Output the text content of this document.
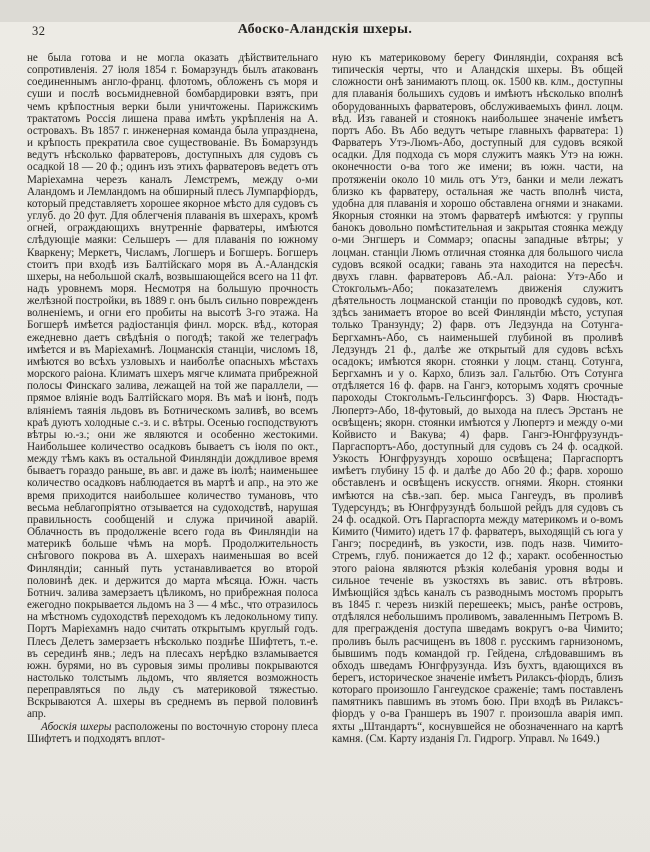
32	Абоско-Аландскія шхеры.

не была готова и не могла оказать дѣйствительнаго сопротивленія. 27 іюля 1854 г. Бомарзундъ былъ атакованъ соединеннымъ англо-франц. флотомъ, обложенъ съ моря и суши и послѣ восьмидневной бомбардировки взятъ, при чемъ крѣпостныя верки были уничтожены. Парижскимъ трактатомъ Россія лишена права имѣть укрѣпленія на А. островахъ. Въ 1857 г. инженерная команда была упразднена, и крѣпость прекратила свое существованіе. Въ Бомарзундъ ведутъ нѣсколько фарватеровъ, доступныхъ для судовъ съ осадкой 18 — 20 ф.; одинъ изъ этихъ фарватеровъ ведетъ отъ Маріехамна черезъ каналъ Лемстремъ, между о-ми Аландомъ и Лемландомъ на обширный плесъ Лумпарфіордъ, который представляетъ хорошее якорное мѣсто для судовъ съ углуб. до 20 фут. Для облегченія плаванія въ шхерахъ, кромѣ огней, ограждающихъ внутренніе фарватеры, имѣются слѣдующіе маяки: Сельшеръ — для плаванія по южному Кваркену; Меркетъ, Числамъ, Логшеръ и Богшеръ. Богшеръ стоитъ при входѣ изъ Балтійскаго моря въ А.-Аландскія шхеры, на небольшой скалѣ, возвышающейся всего на 11 фт. надъ уровнемъ моря. Несмотря на большую прочность желѣзной постройки, въ 1889 г. онъ былъ сильно поврежденъ волненіемъ, и огни его пробиты на высотѣ 3-го этажа. На Богшерѣ имѣется радіостанція финл. морск. вѣд., которая ежедневно даетъ свѣдѣнія о погодѣ; такой же телеграфъ имѣется и въ Маріехамнѣ. Лоцманскія станціи, числомъ 18, имѣются во всѣхъ узловыхъ и наиболѣе опасныхъ мѣстахъ морского раіона. Климатъ шхеръ мягче климата прибрежной полосы Финскаго залива, лежащей на той же параллели, — прямое вліяніе водъ Балтійскаго моря. Въ маѣ и іюнѣ, подъ вліяніемъ таянія льдовъ въ Ботническомъ заливѣ, во всемъ краѣ дуютъ холодные с.-з. и с. вѣтры. Осенью господствуютъ вѣтры ю.-з.; они же являются и особенно жестокими. Наибольшее количество осадковъ бываетъ съ іюля по окт., между тѣмъ какъ въ остальной Финляндіи дождливое время бываетъ гораздо раньше, въ авг. и даже въ іюлѣ; наименьшее количество осадковъ наблюдается въ мартѣ и апр., на это же время приходится наибольшее количество тумановъ, что весьма неблагопріятно отзывается на судоходствѣ, нарушая правильность сообщеній и служа причиной аварій. Облачность въ продолженіе всего года въ Финляндіи на материкѣ больше чѣмъ на морѣ. Продолжительность снѣгового покрова въ А. шхерахъ наименьшая во всей Финляндіи; санный путь устанавливается во второй половинѣ дек. и держится до марта мѣсяца. Южн. часть Ботнич. залива замерзаетъ цѣликомъ, но прибрежная полоса ежегодно покрывается льдомъ на 3 — 4 мѣс., что отразилось на мѣстномъ судоходствѣ переходомъ къ ледокольному типу. Портъ Маріехамнъ надо считать открытымъ круглый годъ. Плесъ Делетъ замерзаетъ нѣсколько позднѣе Шифтетъ, т.-е. въ серединѣ янв.; ледъ на плесахъ нерѣдко взламывается южн. бурями, но въ суровыя зимы проливы покрываются настолько толстымъ льдомъ, что является возможность переправляться по льду съ материковой тяжестью. Вскрываются А. шхеры въ среднемъ въ первой половинѣ апр.

Абоскія шхеры расположены по восточную сторону плеса Шифтетъ и подходятъ вплот-

ную къ материковому берегу Финляндіи, сохраняя всѣ типическія черты, что и Аландскія шхеры. Въ общей сложности онѣ занимаютъ площ. ок. 1500 кв. клм., доступны для плаванія большихъ судовъ и имѣютъ нѣсколько вполнѣ оборудованныхъ фарватеровъ, обслуживаемыхъ финл. лоцм. вѣд. Изъ гаваней и стоянокъ наибольшее значеніе имѣетъ портъ Або. Въ Або ведутъ четыре главныхъ фарватера: 1) Фарватеръ Утэ-Люмъ-Або, доступный для судовъ всякой осадки. Для подхода съ моря служитъ маякъ Утэ на южн. оконечности о-ва того же имени; въ южн. части, на протяженіи около 10 миль отъ Утэ, банки и мели лежатъ близко къ фарватеру, остальная же часть вполнѣ чиста, удобна для плаванія и хорошо обставлена огнями и знаками. Якорныя стоянки на этомъ фарватерѣ имѣются: у группы банокъ довольно помѣстительная и закрытая стоянка между о-ми Энгшеръ и Соммарэ; опасны западные вѣтры; у лоцман. станціи Люмъ отличная стоянка для большого числа судовъ всякой осадки; гавань эта находится на пересѣч. двухъ главн. фарватеровъ Аб.-Ал. раіона: Утэ-Або и Стокгольмъ-Або; показателемъ движенія служитъ дѣятельность лоцманской станціи по проводкѣ судовъ, кот. здѣсь занимаетъ второе во всей Финляндіи мѣсто, уступая только Транзунду; 2) фарв. отъ Ледзунда на Сотунга-Бергхамнъ-Або, съ наименьшей глубиной въ проливѣ Ледзундъ 21 ф., далѣе же открытый для судовъ всѣхъ осадокъ; имѣются якорн. стоянки у лоцм. станц. Сотунга, Бергхамнъ и у о. Кархо, близъ зал. Гальтбю. Отъ Сотунга отдѣляется 16 ф. фарв. на Гангэ, которымъ ходятъ срочные пароходы Стокгольмъ-Гельсингфорсъ. 3) Фарв. Нюстадъ-Люпертэ-Або, 18-футовый, до выхода на плесъ Эрстанъ не освѣщенъ; якорн. стоянки имѣются у Люпертэ и между о-ми Койвисто и Вакува; 4) фарв. Гангэ-Юнгфрузундъ-Паргаспортъ-Або, доступный для судовъ съ 24 ф. осадкой. Узкость Юнгфрузундъ хорошо освѣщена; Паргаспортъ имѣетъ глубину 15 ф. и далѣе до Або 20 ф.; фарв. хорошо обставленъ и освѣщенъ искусств. огнями. Якорн. стоянки имѣются на сѣв.-зап. бер. мыса Гангеудъ, въ проливѣ Тудерсундъ; въ Юнгфрузундѣ большой рейдъ для судовъ съ 24 ф. осадкой. Отъ Паргаспорта между материкомъ и о-вомъ Кимито (Чимито) идетъ 17 ф. фарватеръ, выходящій съ юга у Гангэ; посрединѣ, въ узкости, изв. подъ назв. Чимито-Стремъ, глуб. понижается до 12 ф.; характ. особенностью этого раіона являются рѣзкія колебанія уровня воды и сильное теченіе въ узкостяхъ въ завис. отъ вѣтровъ. Имѣющійся здѣсь каналъ съ разводнымъ мостомъ прорытъ въ 1845 г. черезъ низкій перешеекъ; мысъ, ранѣе островъ, отдѣлялся небольшимъ проливомъ, заваленнымъ Петромъ В. для прегражденія доступа шведамъ вокругъ о-ва Чимито; проливъ былъ расчищенъ въ 1808 г. русскимъ гарнизономъ, бывшимъ подъ командой гр. Гейдена, слѣдовавшимъ въ обходъ шведамъ Юнгфрузунда. Изъ бухтъ, вдающихся въ берегъ, историческое значеніе имѣетъ Рилаксъ-фіордъ, близъ котораго произошло Гангеудское сраженіе; тамъ поставленъ памятникъ павшимъ въ этомъ бою. При входѣ въ Рилаксъ-фіордъ у о-ва Граншеръ въ 1907 г. произошла аварія имп. яхты „Штандартъ“, коснувшейся не обозначеннаго на картѣ камня. (См. Карту изданія Гл. Гидрогр. Управл. № 1649.)
